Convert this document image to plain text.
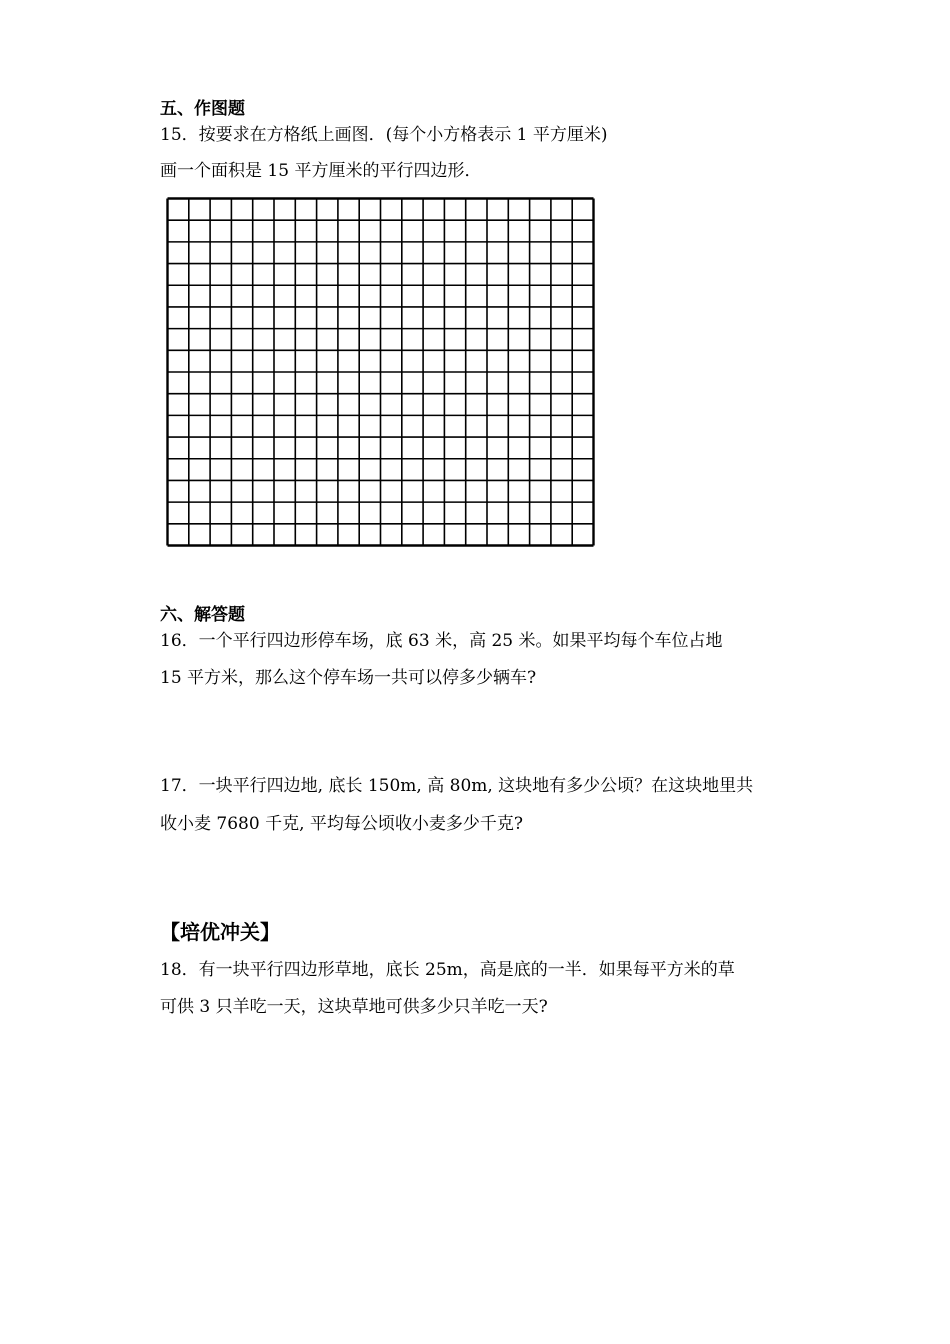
五、作图题
15．按要求在方格纸上画图．(每个小方格表示 1 平方厘米)
画一个面积是 15 平方厘米的平行四边形．
六、解答题
16．一个平行四边形停车场，底 63 米，高 25 米。如果平均每个车位占地
15 平方米，那么这个停车场一共可以停多少辆车?
17．一块平行四边地, 底长 150m, 高 80m, 这块地有多少公顷？在这块地里共
收小麦 7680 千克, 平均每公顷收小麦多少千克?
【培优冲关】
18．有一块平行四边形草地，底长 25m，高是底的一半．如果每平方米的草
可供 3 只羊吃一天，这块草地可供多少只羊吃一天?
